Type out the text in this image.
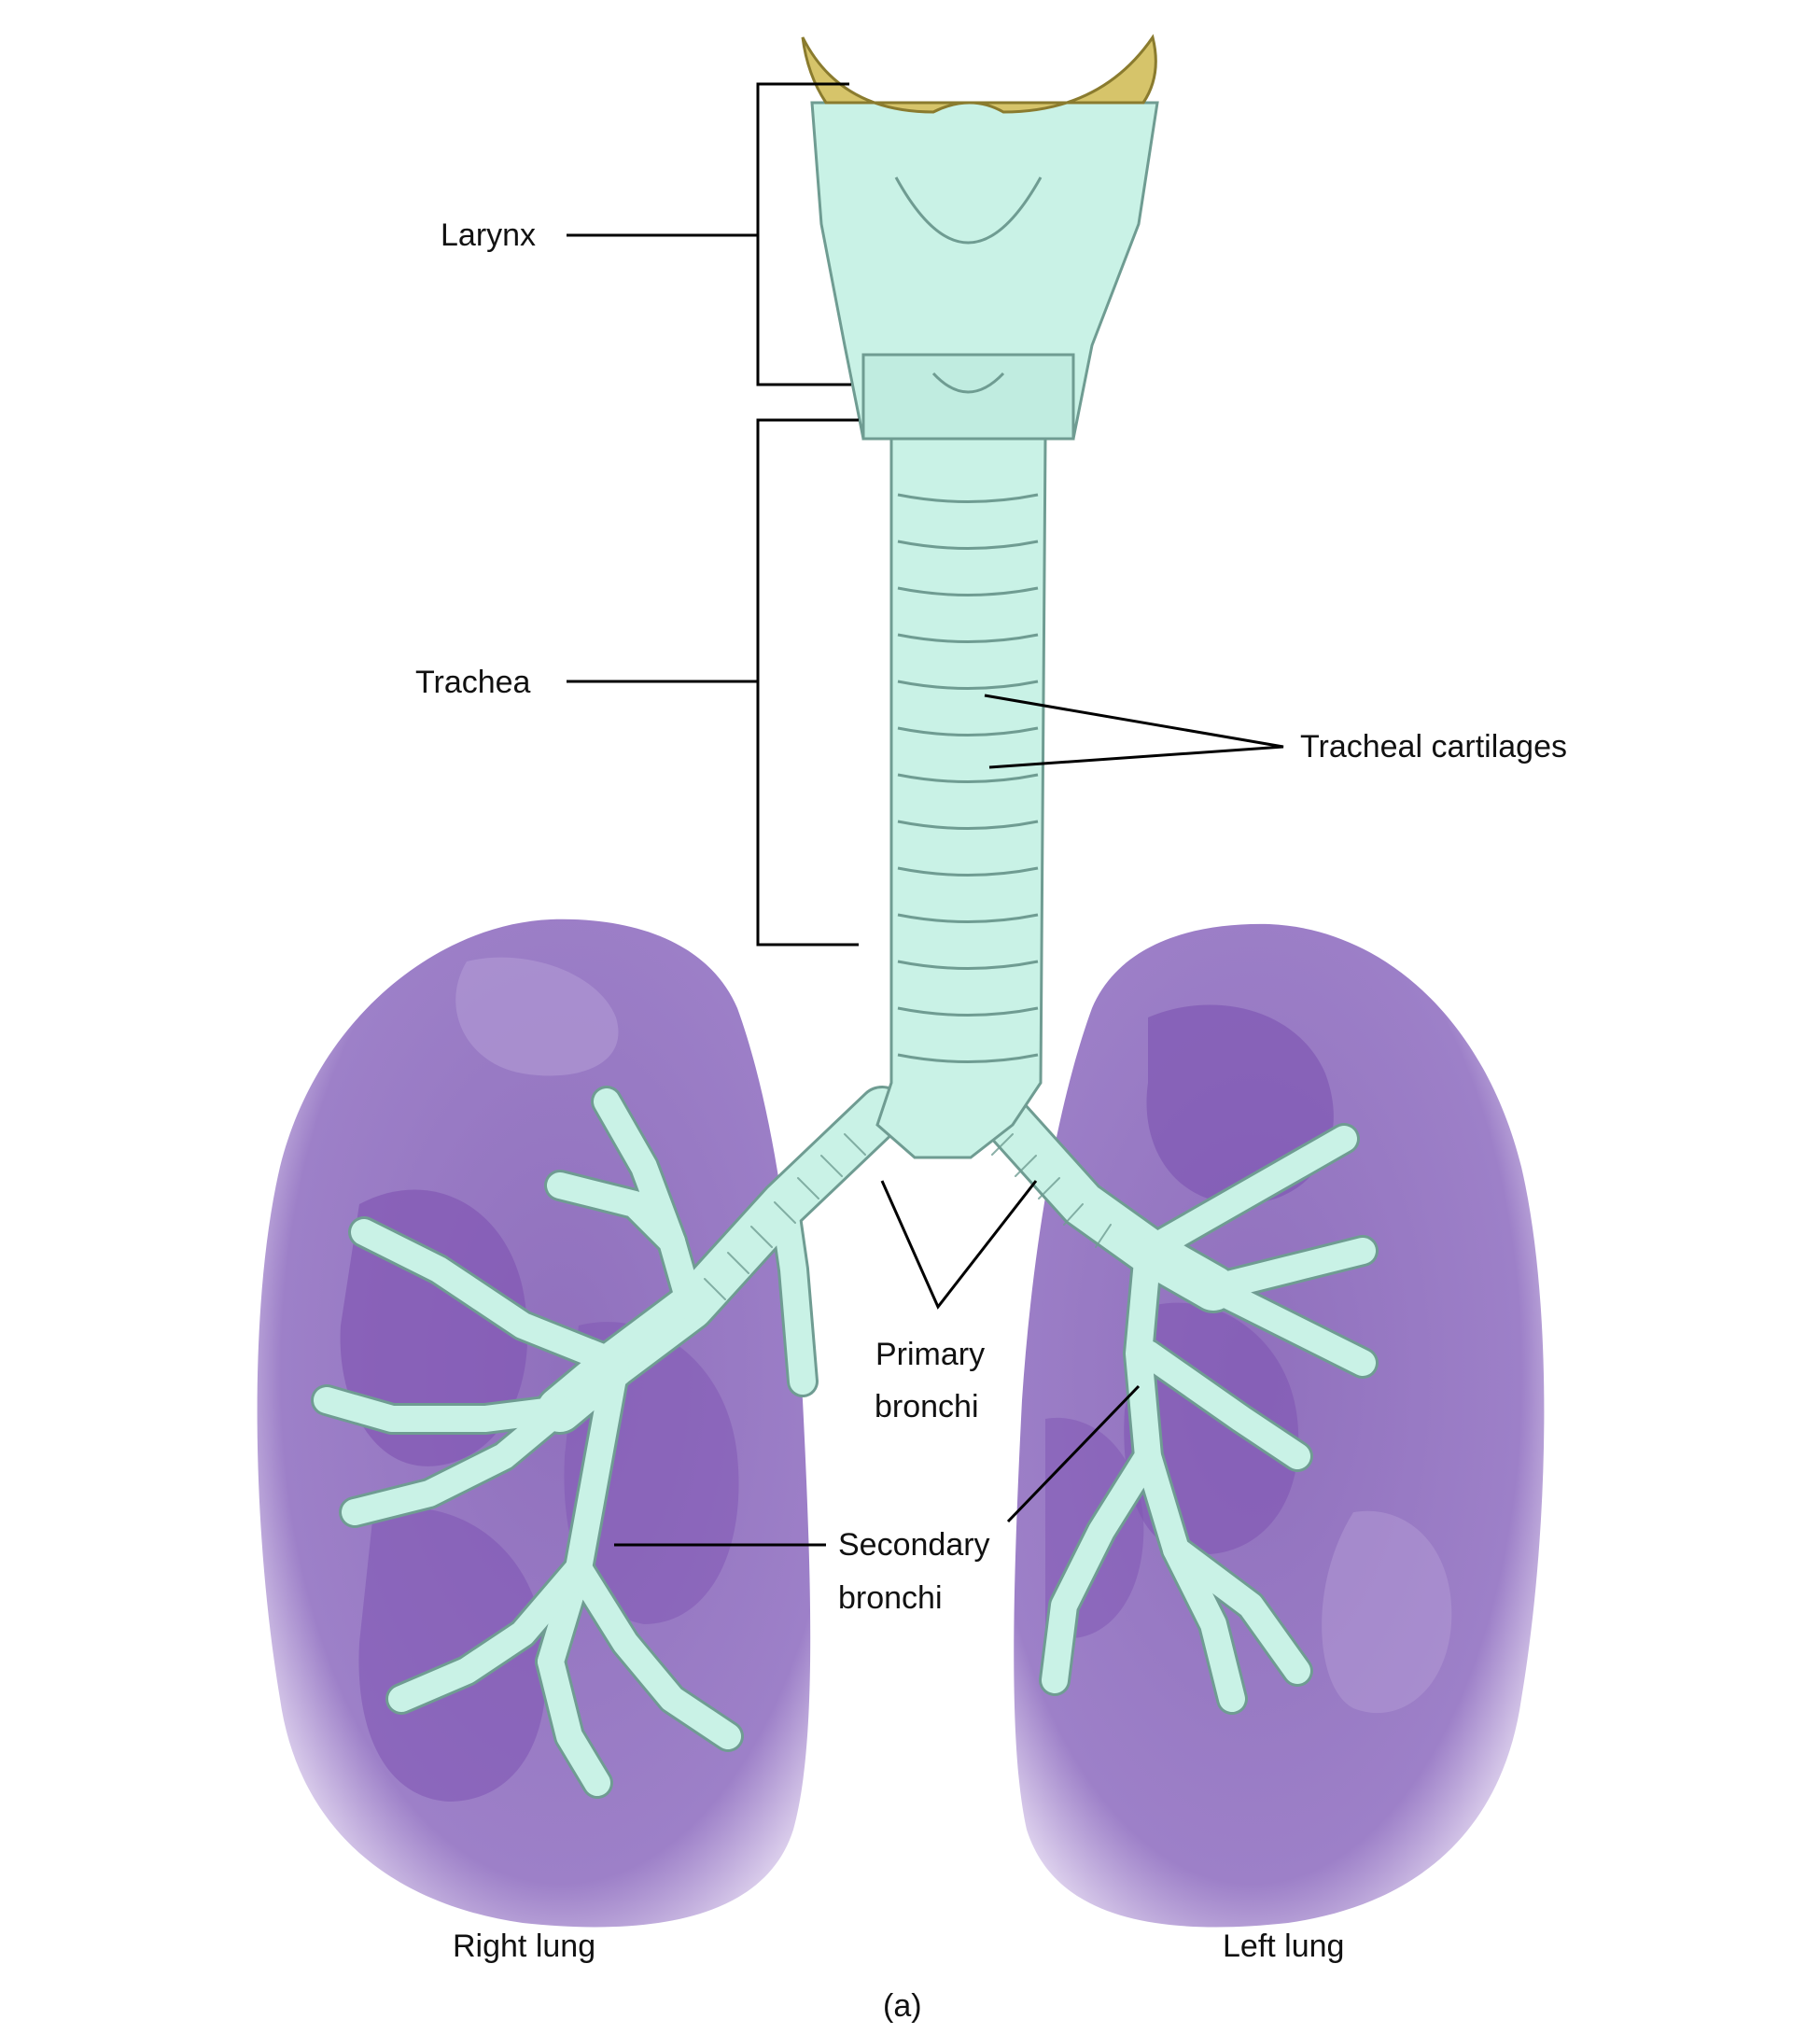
Larynx
Trachea
Tracheal cartilages
Primary
bronchi
Secondary
bronchi
Right lung	Left lung
(a)
